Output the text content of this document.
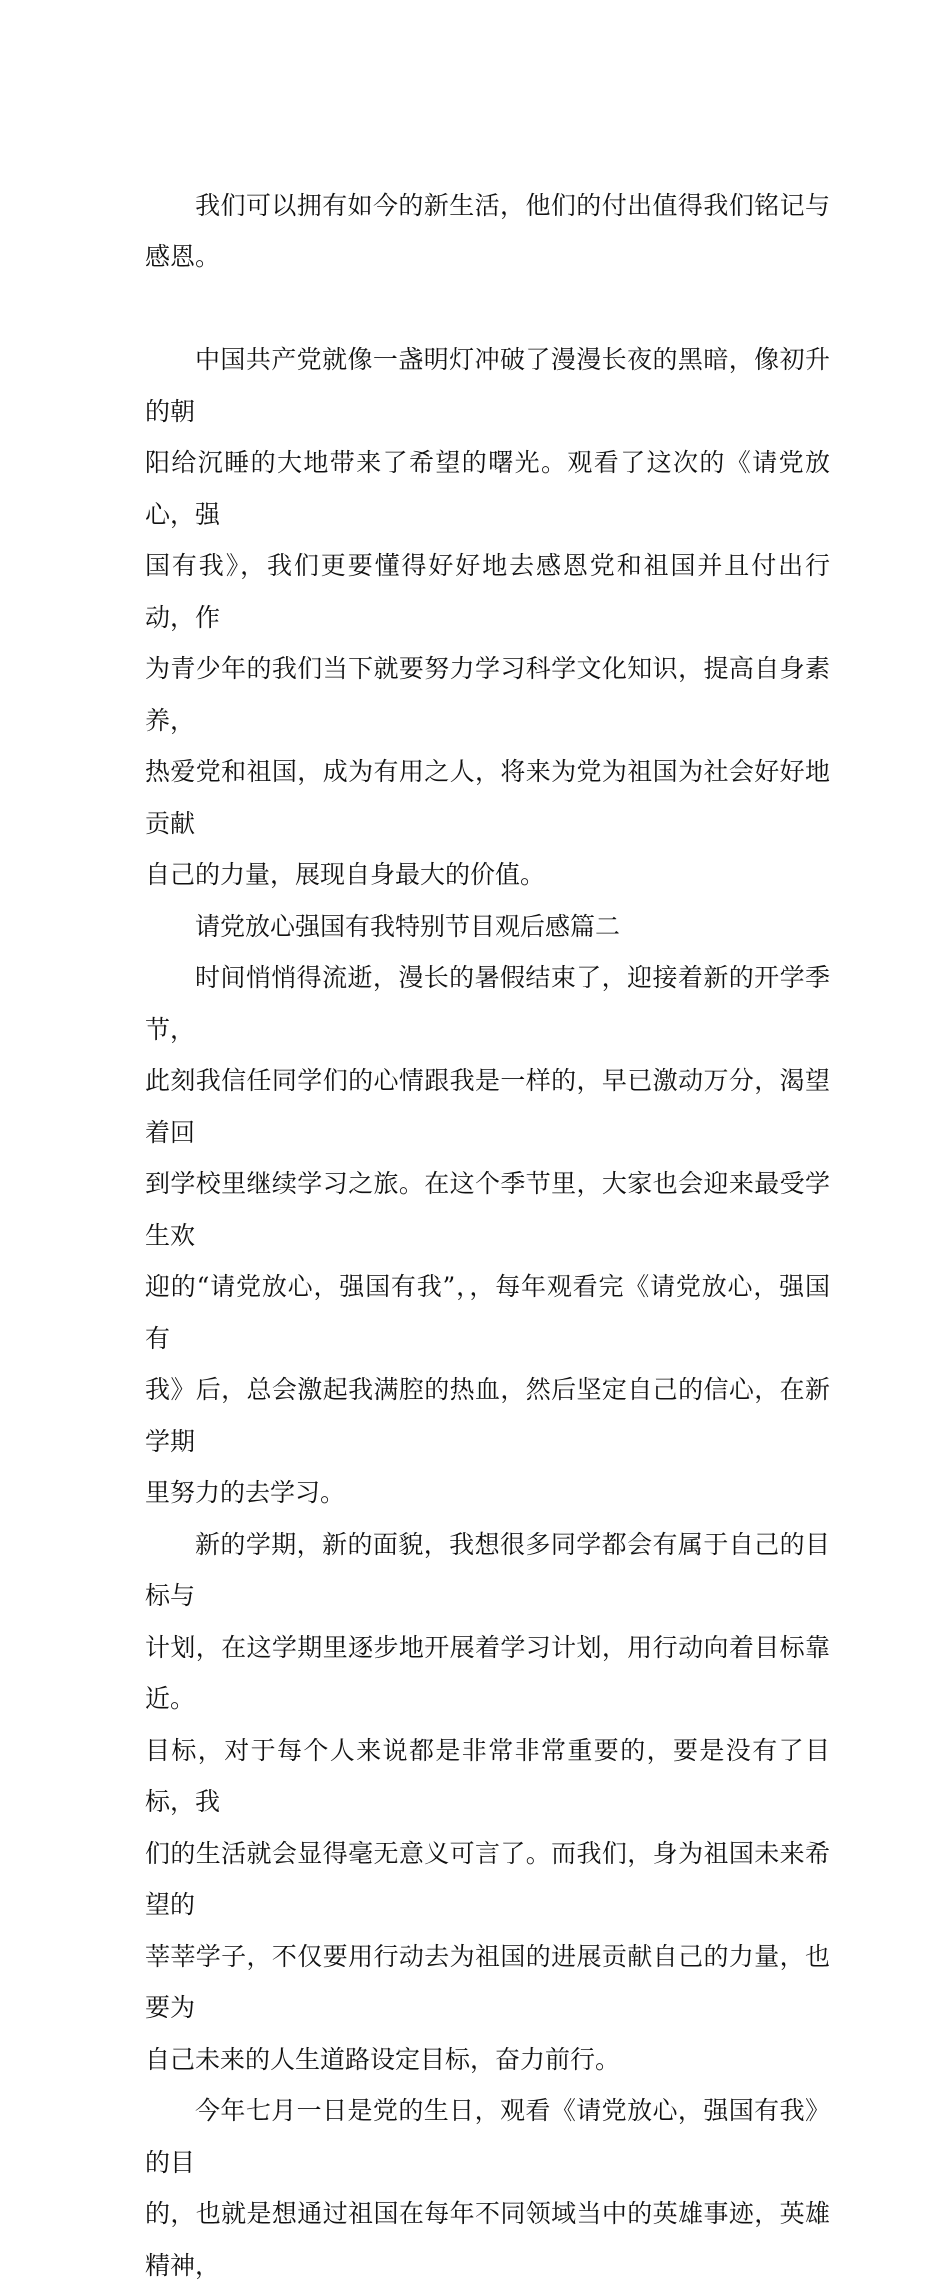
我们可以拥有如今的新生活，他们的付出值得我们铭记与感恩。

中国共产党就像一盏明灯冲破了漫漫长夜的黑暗，像初升的朝
阳给沉睡的大地带来了希望的曙光。观看了这次的《请党放心，强
国有我》，我们更要懂得好好地去感恩党和祖国并且付出行动，作
为青少年的我们当下就要努力学习科学文化知识，提高自身素养，
热爱党和祖国，成为有用之人，将来为党为祖国为社会好好地贡献
自己的力量，展现自身最大的价值。

请党放心强国有我特别节目观后感篇二

时间悄悄得流逝，漫长的暑假结束了，迎接着新的开学季节，
此刻我信任同学们的心情跟我是一样的，早已激动万分，渴望着回
到学校里继续学习之旅。在这个季节里，大家也会迎来最受学生欢
迎的“请党放心，强国有我”，，每年观看完《请党放心，强国有
我》后，总会激起我满腔的热血，然后坚定自己的信心，在新学期
里努力的去学习。

新的学期，新的面貌，我想很多同学都会有属于自己的目标与
计划，在这学期里逐步地开展着学习计划，用行动向着目标靠近。
目标，对于每个人来说都是非常非常重要的，要是没有了目标，我
们的生活就会显得毫无意义可言了。而我们，身为祖国未来希望的
莘莘学子，不仅要用行动去为祖国的进展贡献自己的力量，也要为
自己未来的人生道路设定目标，奋力前行。

今年七月一日是党的生日，观看《请党放心，强国有我》的目
的，也就是想通过祖国在每年不同领域当中的英雄事迹，英雄精神，
